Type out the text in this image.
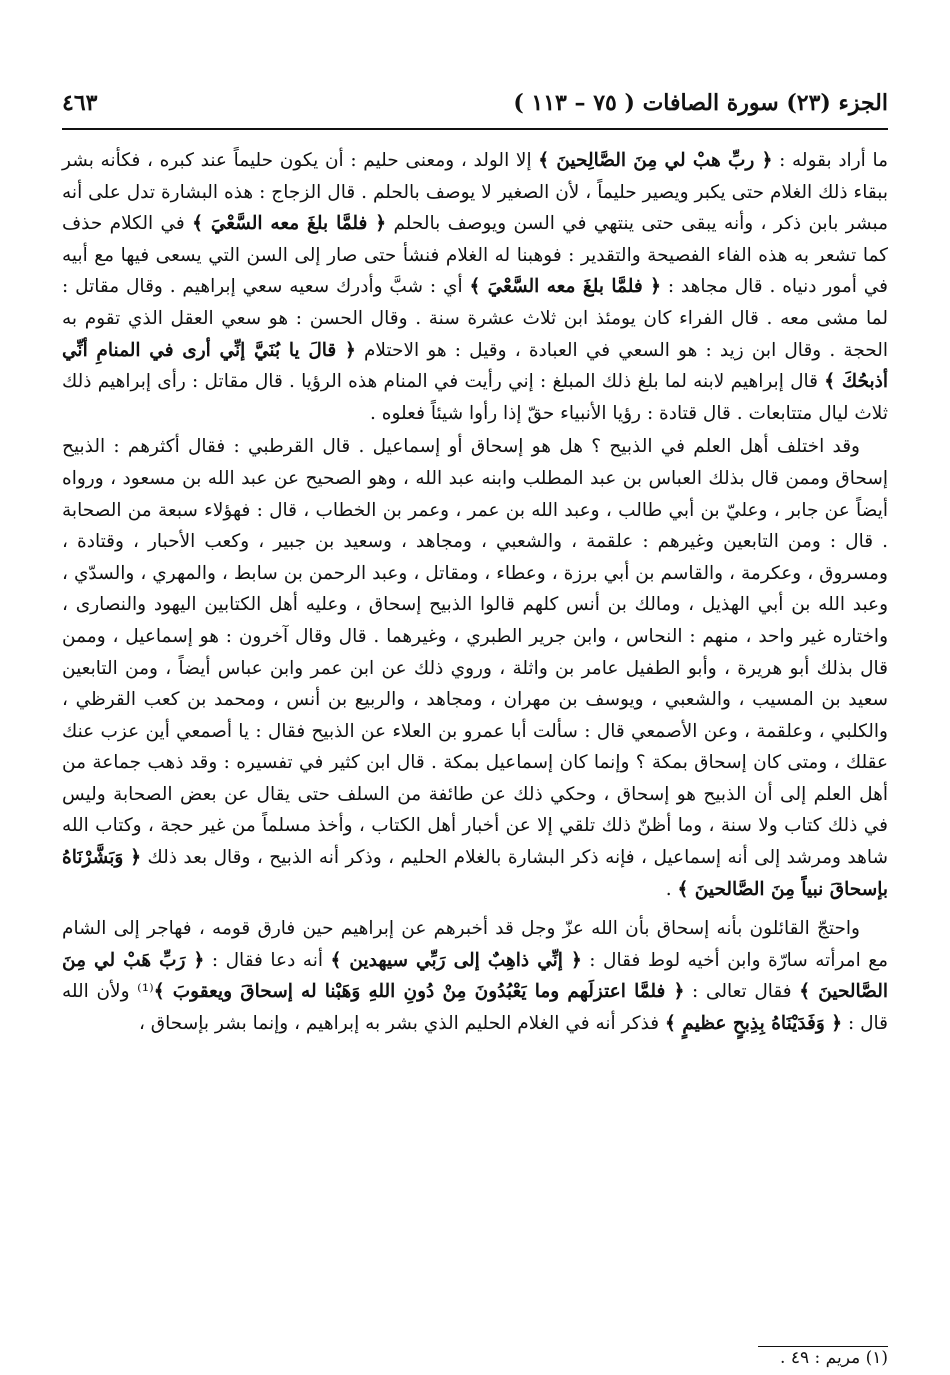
الجزء (٢٣) سورة الصافات ( ٧٥ – ١١٣ )
٤٦٣

ما أراد بقوله : ﴿ ربِّ هبْ لي مِنَ الصَّالِحينَ ﴾ إلا الولد ، ومعنى حليم : أن يكون حليماً عند كبره ، فكأنه بشر ببقاء ذلك الغلام حتى يكبر ويصير حليماً ، لأن الصغير لا يوصف بالحلم . قال الزجاج : هذه البشارة تدل على أنه مبشر بابن ذكر ، وأنه يبقى حتى ينتهي في السن ويوصف بالحلم ﴿ فلمَّا بلغَ معه السَّعْيَ ﴾ في الكلام حذف كما تشعر به هذه الفاء الفصيحة والتقدير : فوهبنا له الغلام فنشأ حتى صار إلى السن التي يسعى فيها مع أبيه في أمور دنياه . قال مجاهد : ﴿ فلمَّا بلغَ معه السَّعْيَ ﴾ أي : شبَّ وأدرك سعيه سعي إبراهيم . وقال مقاتل : لما مشى معه . قال الفراء كان يومئذ ابن ثلاث عشرة سنة . وقال الحسن : هو سعي العقل الذي تقوم به الحجة . وقال ابن زيد : هو السعي في العبادة ، وقيل : هو الاحتلام ﴿ قالَ يا بُنَيَّ إنِّي أرى في المنامِ أنِّي أذبحُكَ ﴾ قال إبراهيم لابنه لما بلغ ذلك المبلغ : إني رأيت في المنام هذه الرؤيا . قال مقاتل : رأى إبراهيم ذلك ثلاث ليال متتابعات . قال قتادة : رؤيا الأنبياء حقّ إذا رأوا شيئاً فعلوه .

وقد اختلف أهل العلم في الذبيح ؟ هل هو إسحاق أو إسماعيل . قال القرطبي : فقال أكثرهم : الذبيح إسحاق وممن قال بذلك العباس بن عبد المطلب وابنه عبد الله ، وهو الصحيح عن عبد الله بن مسعود ، ورواه أيضاً عن جابر ، وعليّ بن أبي طالب ، وعبد الله بن عمر ، وعمر بن الخطاب ، قال : فهؤلاء سبعة من الصحابة . قال : ومن التابعين وغيرهم : علقمة ، والشعبي ، ومجاهد ، وسعيد بن جبير ، وكعب الأحبار ، وقتادة ، ومسروق ، وعكرمة ، والقاسم بن أبي برزة ، وعطاء ، ومقاتل ، وعبد الرحمن بن سابط ، والمهري ، والسدّي ، وعبد الله بن أبي الهذيل ، ومالك بن أنس كلهم قالوا الذبيح إسحاق ، وعليه أهل الكتابين اليهود والنصارى ، واختاره غير واحد ، منهم : النحاس ، وابن جرير الطبري ، وغيرهما . قال وقال آخرون : هو إسماعيل ، وممن قال بذلك أبو هريرة ، وأبو الطفيل عامر بن واثلة ، وروي ذلك عن ابن عمر وابن عباس أيضاً ، ومن التابعين سعيد بن المسيب ، والشعبي ، ويوسف بن مهران ، ومجاهد ، والربيع بن أنس ، ومحمد بن كعب القرظي ، والكلبي ، وعلقمة ، وعن الأصمعي قال : سألت أبا عمرو بن العلاء عن الذبيح فقال : يا أصمعي أين عزب عنك عقلك ، ومتى كان إسحاق بمكة ؟ وإنما كان إسماعيل بمكة . قال ابن كثير في تفسيره : وقد ذهب جماعة من أهل العلم إلى أن الذبيح هو إسحاق ، وحكي ذلك عن طائفة من السلف حتى يقال عن بعض الصحابة وليس في ذلك كتاب ولا سنة ، وما أظنّ ذلك تلقي إلا عن أخبار أهل الكتاب ، وأخذ مسلماً من غير حجة ، وكتاب الله شاهد ومرشد إلى أنه إسماعيل ، فإنه ذكر البشارة بالغلام الحليم ، وذكر أنه الذبيح ، وقال بعد ذلك ﴿ وَبَشَّرْنَاهُ بإسحاقَ نبياً مِنَ الصَّالحينَ ﴾ .

واحتجّ القائلون بأنه إسحاق بأن الله عزّ وجل قد أخبرهم عن إبراهيم حين فارق قومه ، فهاجر إلى الشام مع امرأته سارّة وابن أخيه لوط فقال : ﴿ إنِّي ذاهِبٌ إلى رَبِّي سيهدين ﴾ أنه دعا فقال : ﴿ رَبِّ هَبْ لي مِنَ الصَّالحينَ ﴾ فقال تعالى : ﴿ فلمَّا اعتزلَهم وما يَعْبُدُونَ مِنْ دُونِ اللهِ وَهَبْنا له إسحاقَ ويعقوبَ ﴾⁽¹⁾ ولأن الله قال : ﴿ وَفَدَيْنَاهُ بِذِبحٍ عظيمٍ ﴾ فذكر أنه في الغلام الحليم الذي بشر به إبراهيم ، وإنما بشر بإسحاق ،

(١) مريم : ٤٩ .
